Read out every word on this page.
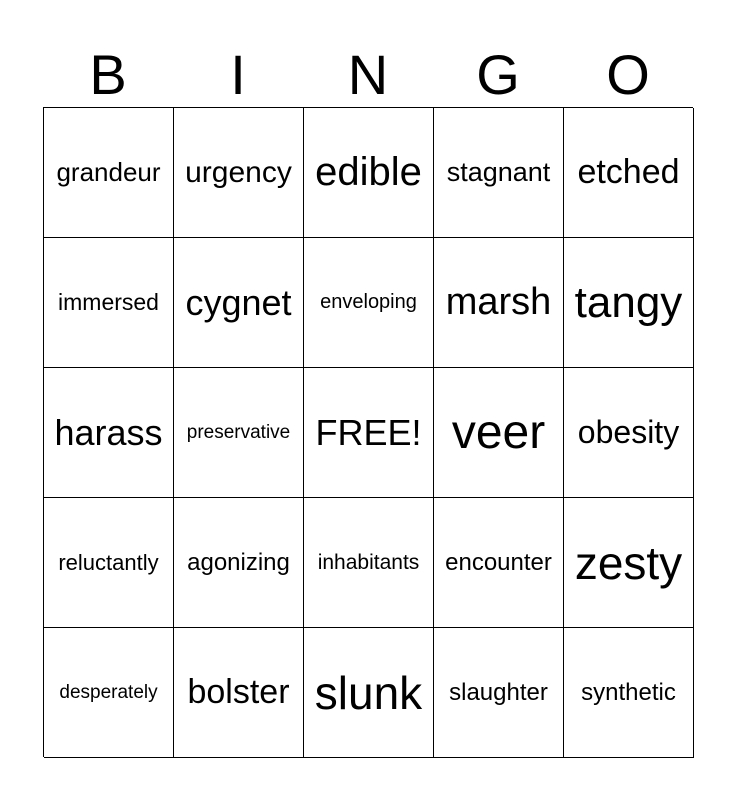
B	I	N	G	O
grandeur urgency edible stagnant etched
immersed cygnet enveloping marsh tangy
harass preservative FREE! veer obesity
reluctantly agonizing inhabitants encounter zesty
desperately bolster slunk slaughter synthetic
